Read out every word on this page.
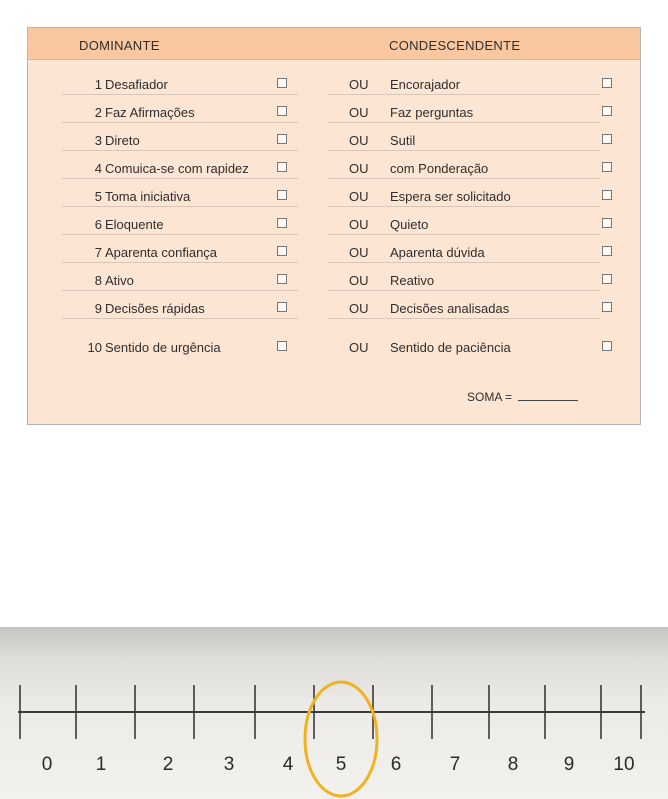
DOMINANTE	CONDESCENDENTE
1 Desafiador	OU Encorajador
2 Faz Afirmações	OU Faz perguntas
3 Direto	OU Sutil
4 Comuica-se com rapidez	OU com Ponderação
5 Toma iniciativa	OU Espera ser solicitado
6 Eloquente	OU Quieto
7 Aparenta confiança	OU Aparenta dúvida
8 Ativo	OU Reativo
9 Decisões rápidas	OU Decisões analisadas
10 Sentido de urgência	OU Sentido de paciência
SOMA =
0 1	2	3	4 5 6	7 8 9 10
